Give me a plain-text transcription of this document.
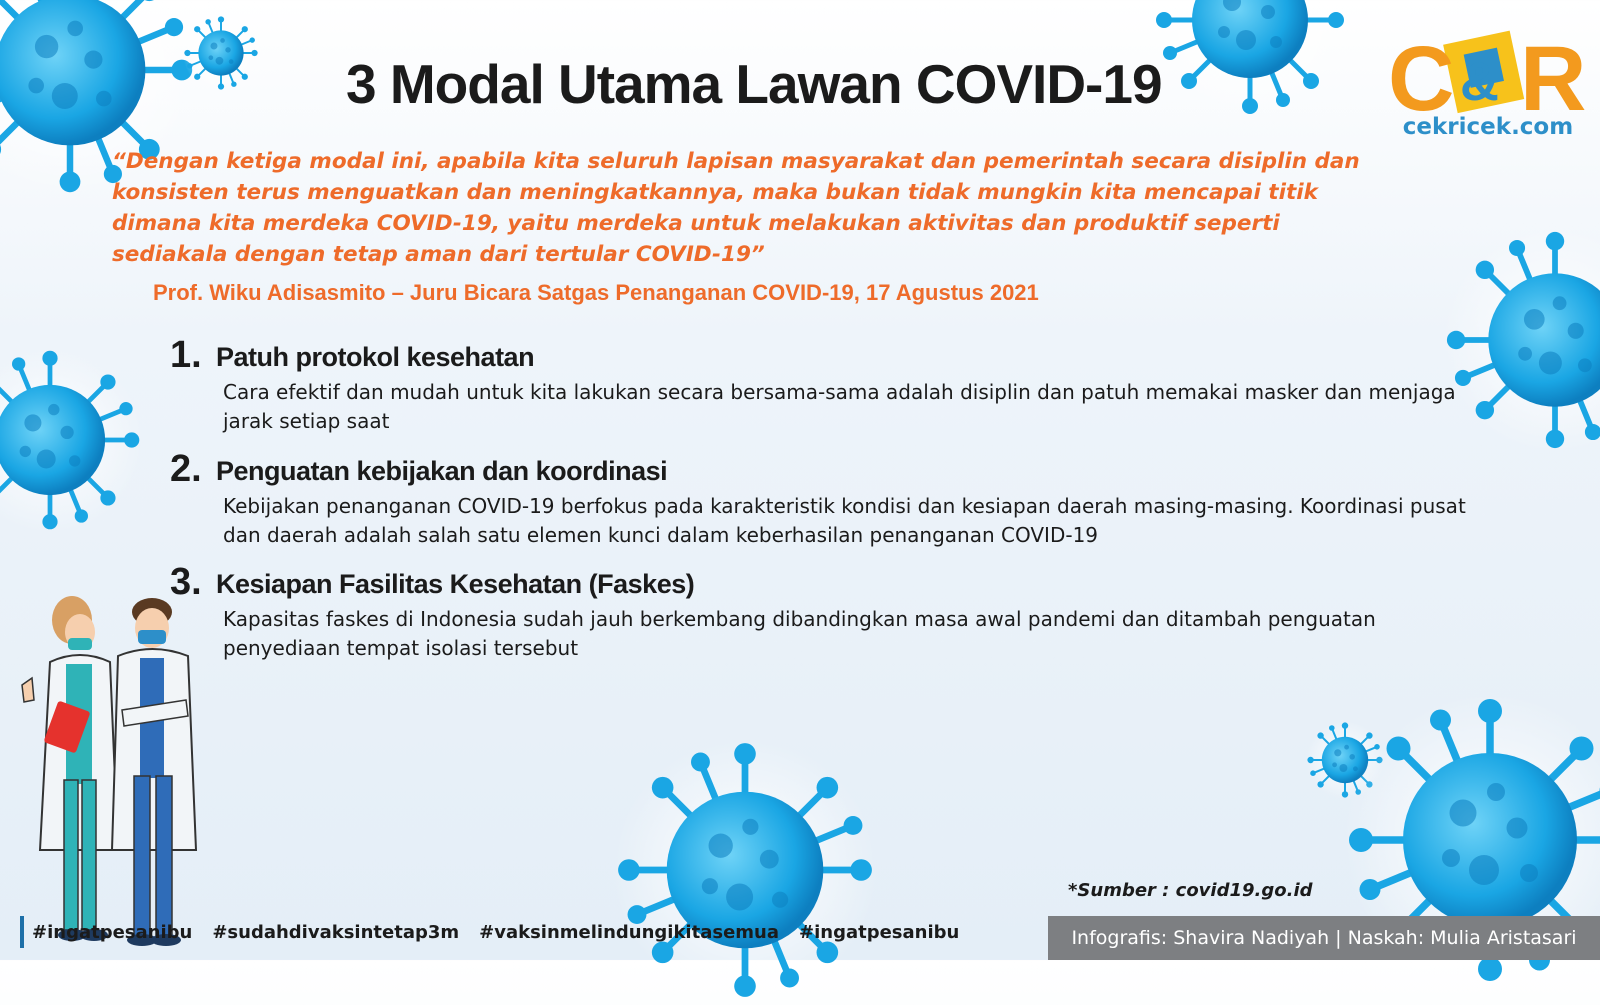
3 Modal Utama Lawan COVID-19 C & R
cekricek.com

“Dengan ketiga modal ini, apabila kita seluruh lapisan masyarakat dan pemerintah secara disiplin dan konsisten terus menguatkan dan meningkatkannya, maka bukan tidak mungkin kita mencapai titik dimana kita merdeka COVID-19, yaitu merdeka untuk melakukan aktivitas dan produktif seperti sediakala dengan tetap aman dari tertular COVID-19”

Prof. Wiku Adisasmito – Juru Bicara Satgas Penanganan COVID-19, 17 Agustus 2021
1. Patuh protokol kesehatan

Cara efektif dan mudah untuk kita lakukan secara bersama-sama adalah disiplin dan patuh memakai masker dan menjaga jarak setiap saat

2. Penguatan kebijakan dan koordinasi

Kebijakan penanganan COVID-19 berfokus pada karakteristik kondisi dan kesiapan daerah masing-masing. Koordinasi pusat dan daerah adalah salah satu elemen kunci dalam keberhasilan penanganan COVID-19

3. Kesiapan Fasilitas Kesehatan (Faskes)

Kapasitas faskes di Indonesia sudah jauh berkembang dibandingkan masa awal pandemi dan ditambah penguatan penyediaan tempat isolasi tersebut

*Sumber : covid19.go.id
#ingatpesanibu #sudahdivaksintetap3m #vaksinmelindungikitasemua #ingatpesanibu	Infografis: Shavira Nadiyah | Naskah: Mulia Aristasari
